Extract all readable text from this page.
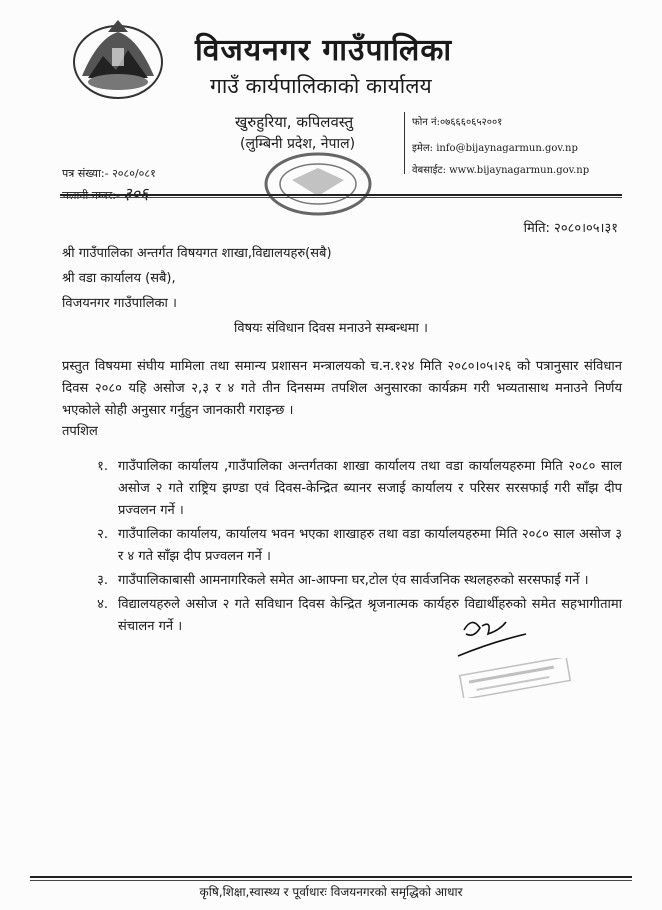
विजयनगर गाउँपालिका
गाउँ कार्यपालिकाको कार्यालय
खुरुहुरिया, कपिलवस्तु
(लुम्बिनी प्रदेश, नेपाल)
फोन नं:०७६६६०६५२००१
इमेल: info@bijaynagarmun.gov.np
वेबसाईट: www.bijaynagarmun.gov.np
पत्र संख्या:- २०८०/०८१
चलानी नम्बर:- ३०६
मिति: २०८०।०५।३१
श्री गाउँपालिका अन्तर्गत विषयगत शाखा,विद्यालयहरु(सबै)
श्री वडा कार्यालय (सबै),
विजयनगर गाउँपालिका ।
विषयः संविधान दिवस मनाउने सम्बन्धमा ।
प्रस्तुत विषयमा संघीय मामिला तथा समान्य प्रशासन मन्त्रालयको च.न.१२४ मिति २०८०।०५।२६ को पत्रानुसार संविधान दिवस २०८० यहि असोज २,३ र ४ गते तीन दिनसम्म तपशिल अनुसारका कार्यक्रम गरी भव्यतासाथ मनाउने निर्णय भएकोले सोही अनुसार गर्नुहुन जानकारी गराइन्छ ।
तपशिल
१. गाउँपालिका कार्यालय ,गाउँपालिका अन्तर्गतका शाखा कार्यालय तथा वडा कार्यालयहरुमा मिति २०८० साल असोज २ गते राष्ट्रिय झण्डा एवं दिवस-केन्द्रित ब्यानर सजाई कार्यालय र परिसर सरसफाई गरी साँझ दीप प्रज्वलन गर्ने ।
२. गाउँपालिका कार्यालय, कार्यालय भवन भएका शाखाहरु तथा वडा कार्यालयहरुमा मिति २०८० साल असोज ३ र ४ गते साँझ दीप प्रज्वलन गर्ने ।
३. गाउँपालिकाबासी आमनागरिकले समेत आ-आफ्ना घर,टोल एंव सार्वजनिक स्थलहरुको सरसफाई गर्ने ।
४. विद्यालयहरुले असोज २ गते सविधान दिवस केन्द्रित श्रृजनात्मक कार्यहरु विद्यार्थीहरुको समेत सहभागीतामा संचालन गर्ने ।
कृषि,शिक्षा,स्वास्थ्य र पूर्वाधारः विजयनगरको समृद्धिको आधार
